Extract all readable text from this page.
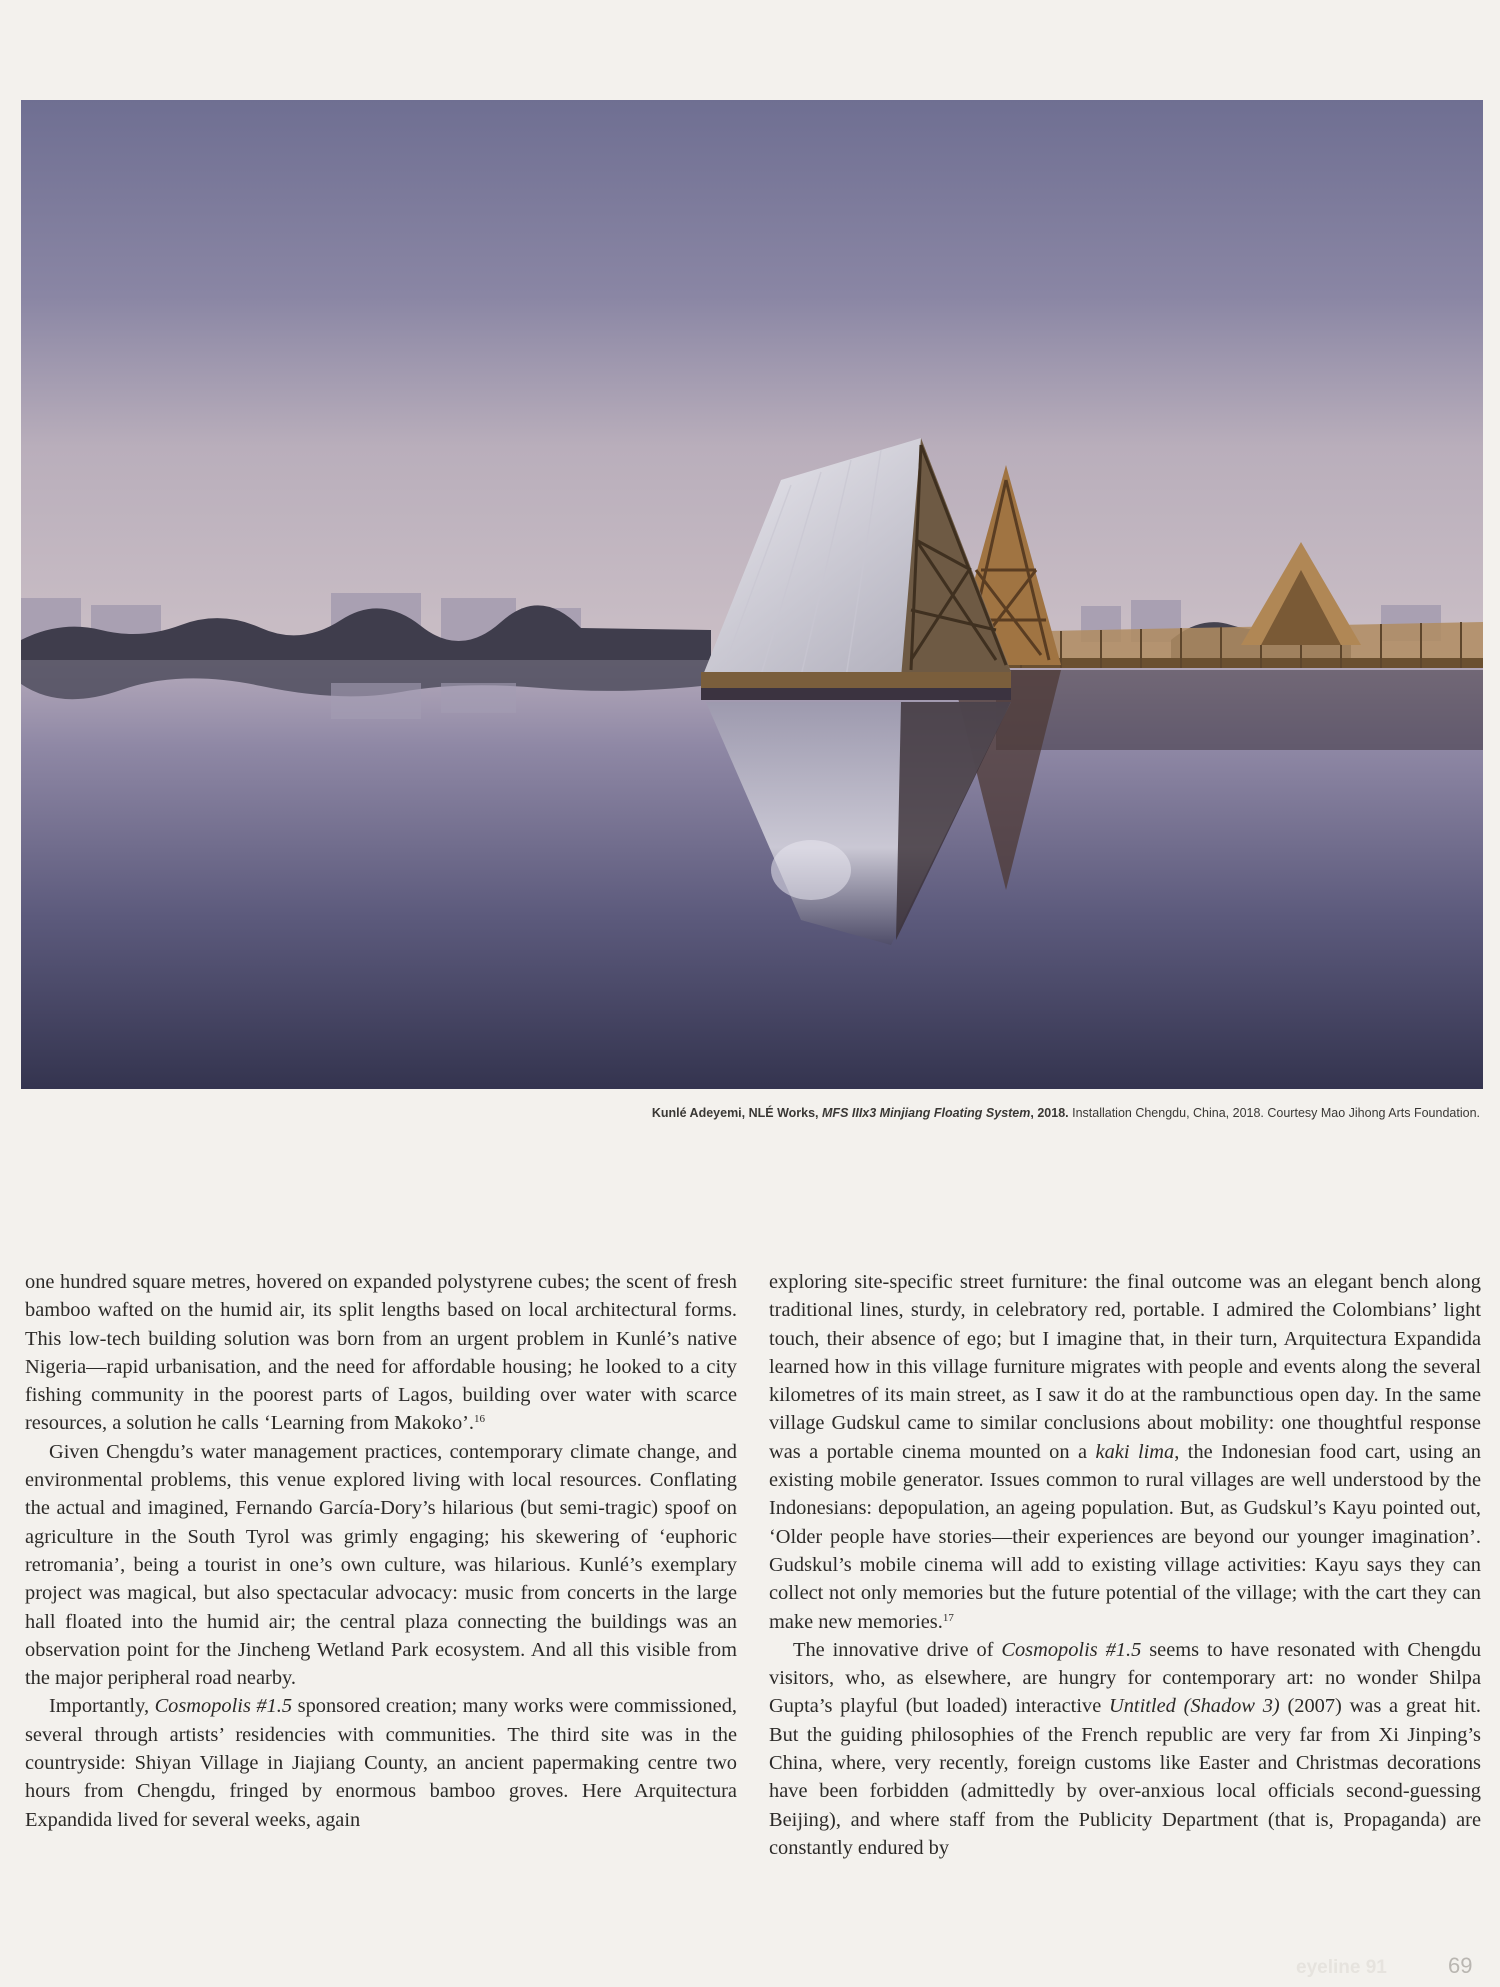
Kunlé Adeyemi, NLÉ Works, MFS IIIx3 Minjiang Floating System, 2018. Installation Chengdu, China, 2018. Courtesy Mao Jihong Arts Foundation.

one hundred square metres, hovered on expanded polystyrene cubes; the scent of fresh bamboo wafted on the humid air, its split lengths based on local architectural forms. This low-tech building solution was born from an urgent problem in Kunlé’s native Nigeria—rapid urbanisation, and the need for affordable housing; he looked to a city fishing community in the poorest parts of Lagos, building over water with scarce resources, a solution he calls ‘Learning from Makoko’.$^{16}$

Given Chengdu’s water management practices, contemporary climate change, and environmental problems, this venue explored living with local resources. Conflating the actual and imagined, Fernando García-Dory’s hilarious (but semi-tragic) spoof on agriculture in the South Tyrol was grimly engaging; his skewering of ‘euphoric retromania’, being a tourist in one’s own culture, was hilarious. Kunlé’s exemplary project was magical, but also spectacular advocacy: music from concerts in the large hall floated into the humid air; the central plaza connecting the buildings was an observation point for the Jincheng Wetland Park ecosystem. And all this visible from the major peripheral road nearby.

Importantly, Cosmopolis #1.5 sponsored creation; many works were commissioned, several through artists’ residencies with communities. The third site was in the countryside: Shiyan Village in Jiajiang County, an ancient papermaking centre two hours from Chengdu, fringed by enormous bamboo groves. Here Arquitectura Expandida lived for several weeks, again

exploring site-specific street furniture: the final outcome was an elegant bench along traditional lines, sturdy, in celebratory red, portable. I admired the Colombians’ light touch, their absence of ego; but I imagine that, in their turn, Arquitectura Expandida learned how in this village furniture migrates with people and events along the several kilometres of its main street, as I saw it do at the rambunctious open day. In the same village Gudskul came to similar conclusions about mobility: one thoughtful response was a portable cinema mounted on a kaki lima, the Indonesian food cart, using an existing mobile generator. Issues common to rural villages are well understood by the Indonesians: depopulation, an ageing population. But, as Gudskul’s Kayu pointed out, ‘Older people have stories—their experiences are beyond our younger imagination’. Gudskul’s mobile cinema will add to existing village activities: Kayu says they can collect not only memories but the future potential of the village; with the cart they can make new memories.$^{17}$

The innovative drive of Cosmopolis #1.5 seems to have resonated with Chengdu visitors, who, as elsewhere, are hungry for contemporary art: no wonder Shilpa Gupta’s playful (but loaded) interactive Untitled (Shadow 3) (2007) was a great hit. But the guiding philosophies of the French republic are very far from Xi Jinping’s China, where, very recently, foreign customs like Easter and Christmas decorations have been forbidden (admittedly by over-anxious local officials second-guessing Beijing), and where staff from the Publicity Department (that is, Propaganda) are constantly endured by

eyeline 91	69
